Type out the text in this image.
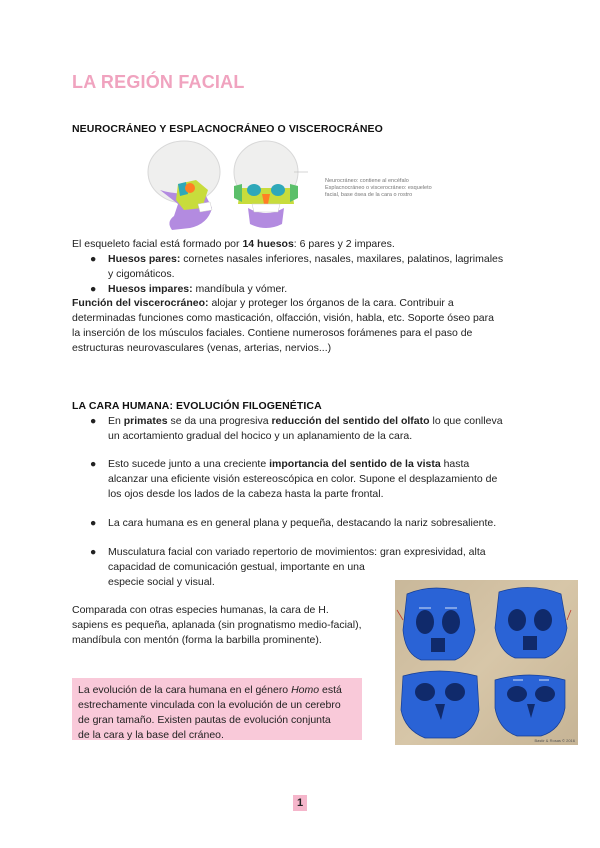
LA REGIÓN FACIAL
NEUROCRÁNEO Y ESPLACNOCRÁNEO O VISCEROCRÁNEO
Neurocráneo: contiene al encéfalo
Esplacnocráneo o viscerocráneo: esqueleto
facial, base ósea de la cara o rostro
El esqueleto facial está formado por 14 huesos: 6 pares y 2 impares.
● Huesos pares: cornetes nasales inferiores, nasales, maxilares, palatinos, lagrimales
y cigomáticos.
● Huesos impares: mandíbula y vómer.
Función del viscerocráneo: alojar y proteger los órganos de la cara. Contribuir a
determinadas funciones como masticación, olfacción, visión, habla, etc. Soporte óseo para
la inserción de los músculos faciales. Contiene numerosos forámenes para el paso de
estructuras neurovasculares (venas, arterias, nervios...)
LA CARA HUMANA: EVOLUCIÓN FILOGENÉTICA
● En primates se da una progresiva reducción del sentido del olfato lo que conlleva
un acortamiento gradual del hocico y un aplanamiento de la cara.
● Esto sucede junto a una creciente importancia del sentido de la vista hasta
alcanzar una eficiente visión estereoscópica en color. Supone el desplazamiento de
los ojos desde los lados de la cabeza hasta la parte frontal.
● La cara humana es en general plana y pequeña, destacando la nariz sobresaliente.
● Musculatura facial con variado repertorio de movimientos: gran expresividad, alta
capacidad de comunicación gestual, importante en una
especie social y visual.
Comparada con otras especies humanas, la cara de H.
sapiens es pequeña, aplanada (sin prognatismo medio-facial),
mandíbula con mentón (forma la barbilla prominente).
La evolución de la cara humana en el género Homo está
estrechamente vinculada con la evolución de un cerebro
de gran tamaño. Existen pautas de evolución conjunta
de la cara y la base del cráneo.	Bastir & Rosas © 2016
1
